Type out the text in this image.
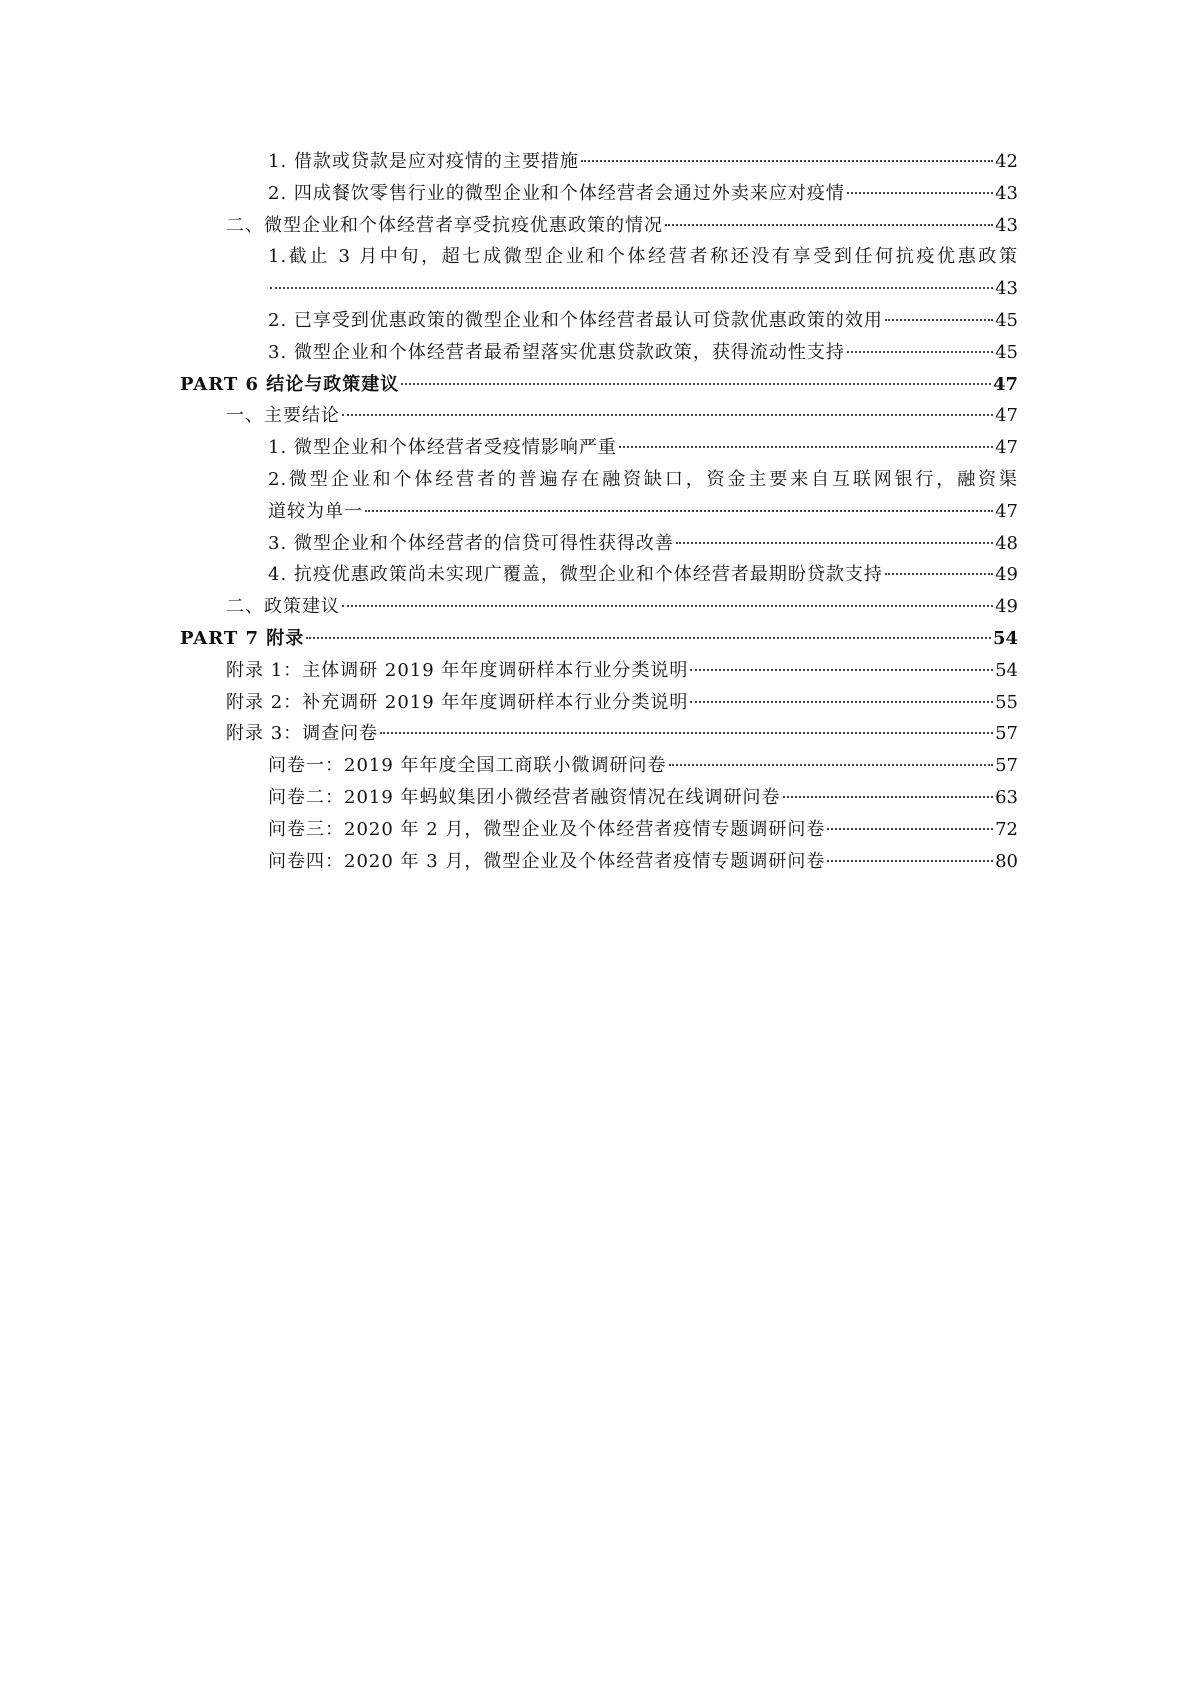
1. 借款或贷款是应对疫情的主要措施	42
2. 四成餐饮零售行业的微型企业和个体经营者会通过外卖来应对疫情	43
二、微型企业和个体经营者享受抗疫优惠政策的情况	43
1.截止 3 月中旬，超七成微型企业和个体经营者称还没有享受到任何抗疫优惠政策
43
2. 已享受到优惠政策的微型企业和个体经营者最认可贷款优惠政策的效用	45
3. 微型企业和个体经营者最希望落实优惠贷款政策，获得流动性支持	45
PART 6 结论与政策建议	47
一、主要结论	47
1. 微型企业和个体经营者受疫情影响严重	47
2.微型企业和个体经营者的普遍存在融资缺口，资金主要来自互联网银行，融资渠
道较为单一	47
3. 微型企业和个体经营者的信贷可得性获得改善	48
4. 抗疫优惠政策尚未实现广覆盖，微型企业和个体经营者最期盼贷款支持	49
二、政策建议	49
PART 7 附录	54
附录 1：主体调研 2019 年年度调研样本行业分类说明	54
附录 2：补充调研 2019 年年度调研样本行业分类说明	55
附录 3：调查问卷	57
问卷一：2019 年年度全国工商联小微调研问卷	57
问卷二：2019 年蚂蚁集团小微经营者融资情况在线调研问卷	63
问卷三：2020 年 2 月，微型企业及个体经营者疫情专题调研问卷	72
问卷四：2020 年 3 月，微型企业及个体经营者疫情专题调研问卷	80
